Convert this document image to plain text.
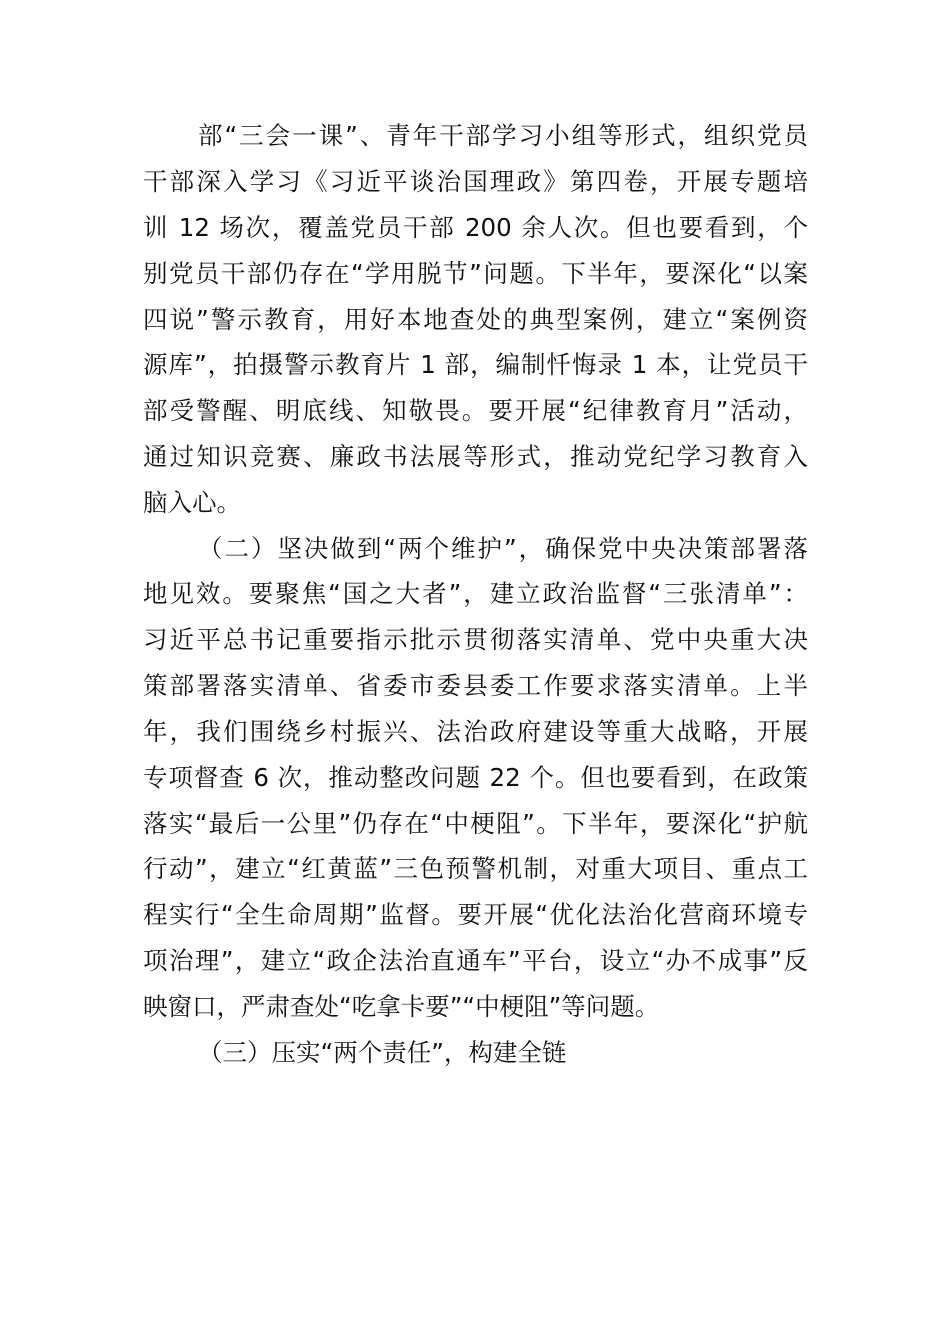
部“三会一课”、青年干部学习小组等形式，组织党员
干部深入学习《习近平谈治国理政》第四卷，开展专题培
训 12 场次，覆盖党员干部 200 余人次。但也要看到，个
别党员干部仍存在“学用脱节”问题。下半年，要深化“以案
四说”警示教育，用好本地查处的典型案例，建立“案例资
源库”，拍摄警示教育片 1 部，编制忏悔录 1 本，让党员干
部受警醒、明底线、知敬畏。要开展“纪律教育月”活动，
通过知识竞赛、廉政书法展等形式，推动党纪学习教育入
脑入心。
（二）坚决做到“两个维护”，确保党中央决策部署落
地见效。要聚焦“国之大者”，建立政治监督“三张清单”：
习近平总书记重要指示批示贯彻落实清单、党中央重大决
策部署落实清单、省委市委县委工作要求落实清单。上半
年，我们围绕乡村振兴、法治政府建设等重大战略，开展
专项督查 6 次，推动整改问题 22 个。但也要看到，在政策
落实“最后一公里”仍存在“中梗阻”。下半年，要深化“护航
行动”，建立“红黄蓝”三色预警机制，对重大项目、重点工
程实行“全生命周期”监督。要开展“优化法治化营商环境专
项治理”，建立“政企法治直通车”平台，设立“办不成事”反
映窗口，严肃查处“吃拿卡要”“中梗阻”等问题。
（三）压实“两个责任”，构建全链
